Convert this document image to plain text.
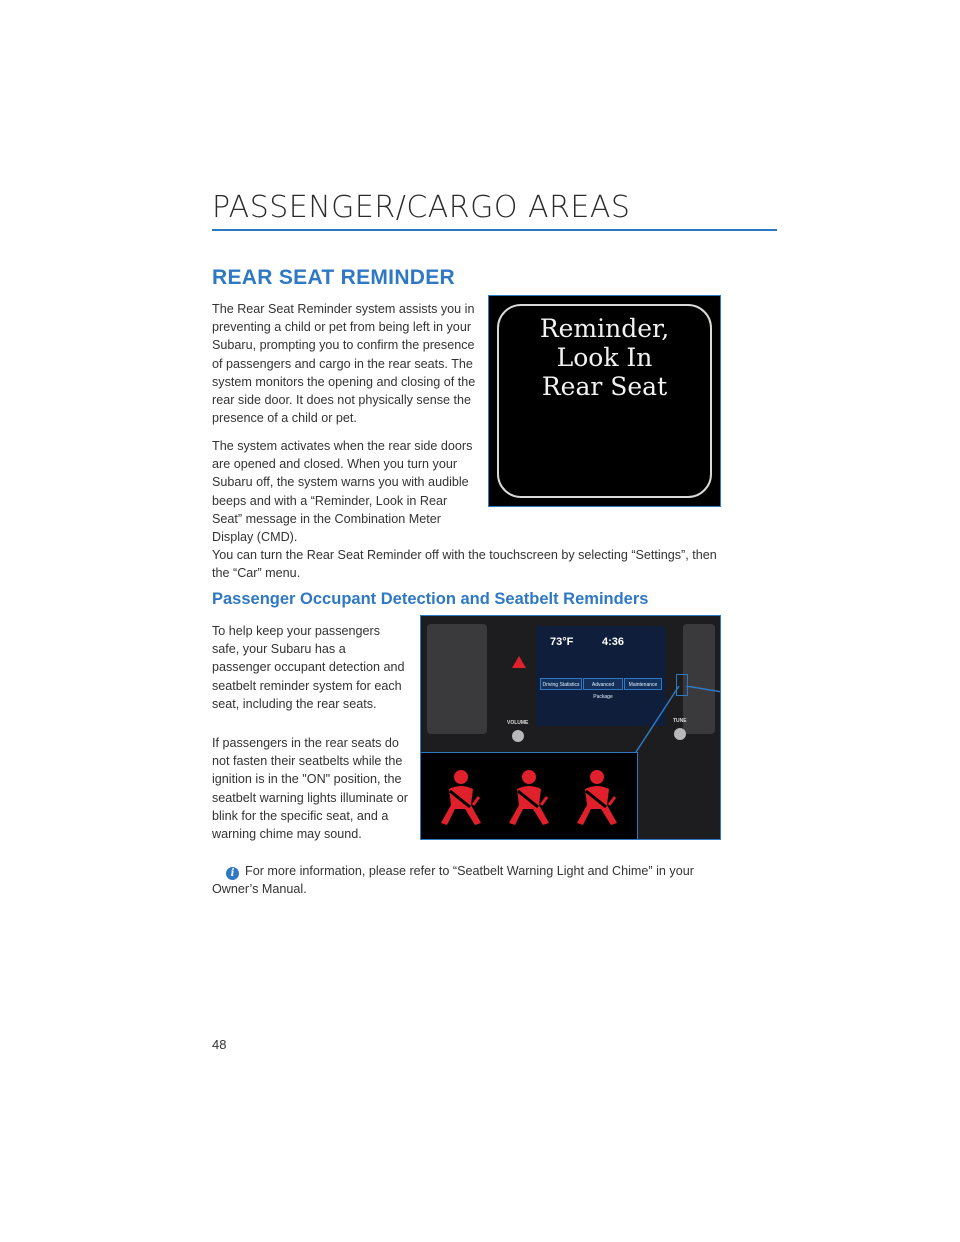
PASSENGER/CARGO AREAS
REAR SEAT REMINDER

The Rear Seat Reminder system assists you in preventing a child or pet from being left in your Subaru, prompting you to confirm the presence of passengers and cargo in the rear seats. The system monitors the opening and closing of the rear side door. It does not physically sense the presence of a child or pet.

The system activates when the rear side doors are opened and closed. When you turn your Subaru off, the system warns you with audible beeps and with a “Reminder, Look in Rear Seat” message in the Combination Meter Display (CMD).

You can turn the Rear Seat Reminder off with the touchscreen by selecting “Settings”, then the “Car” menu.

Reminder,
Look In
Rear Seat
Passenger Occupant Detection and Seatbelt Reminders

To help keep your passengers safe, your Subaru has a passenger occupant detection and seatbelt reminder system for each seat, including the rear seats.

If passengers in the rear seats do not fasten their seatbelts while the ignition is in the "ON" position, the seatbelt warning lights illuminate or blink for the specific seat, and a warning chime may sound.

i For more information, please refer to “Seatbelt Warning Light and Chime” in your Owner’s Manual.

VOLUME	TUNE
73°F	4:36
Driving Statistics	Advanced Package
Maintenance
48
